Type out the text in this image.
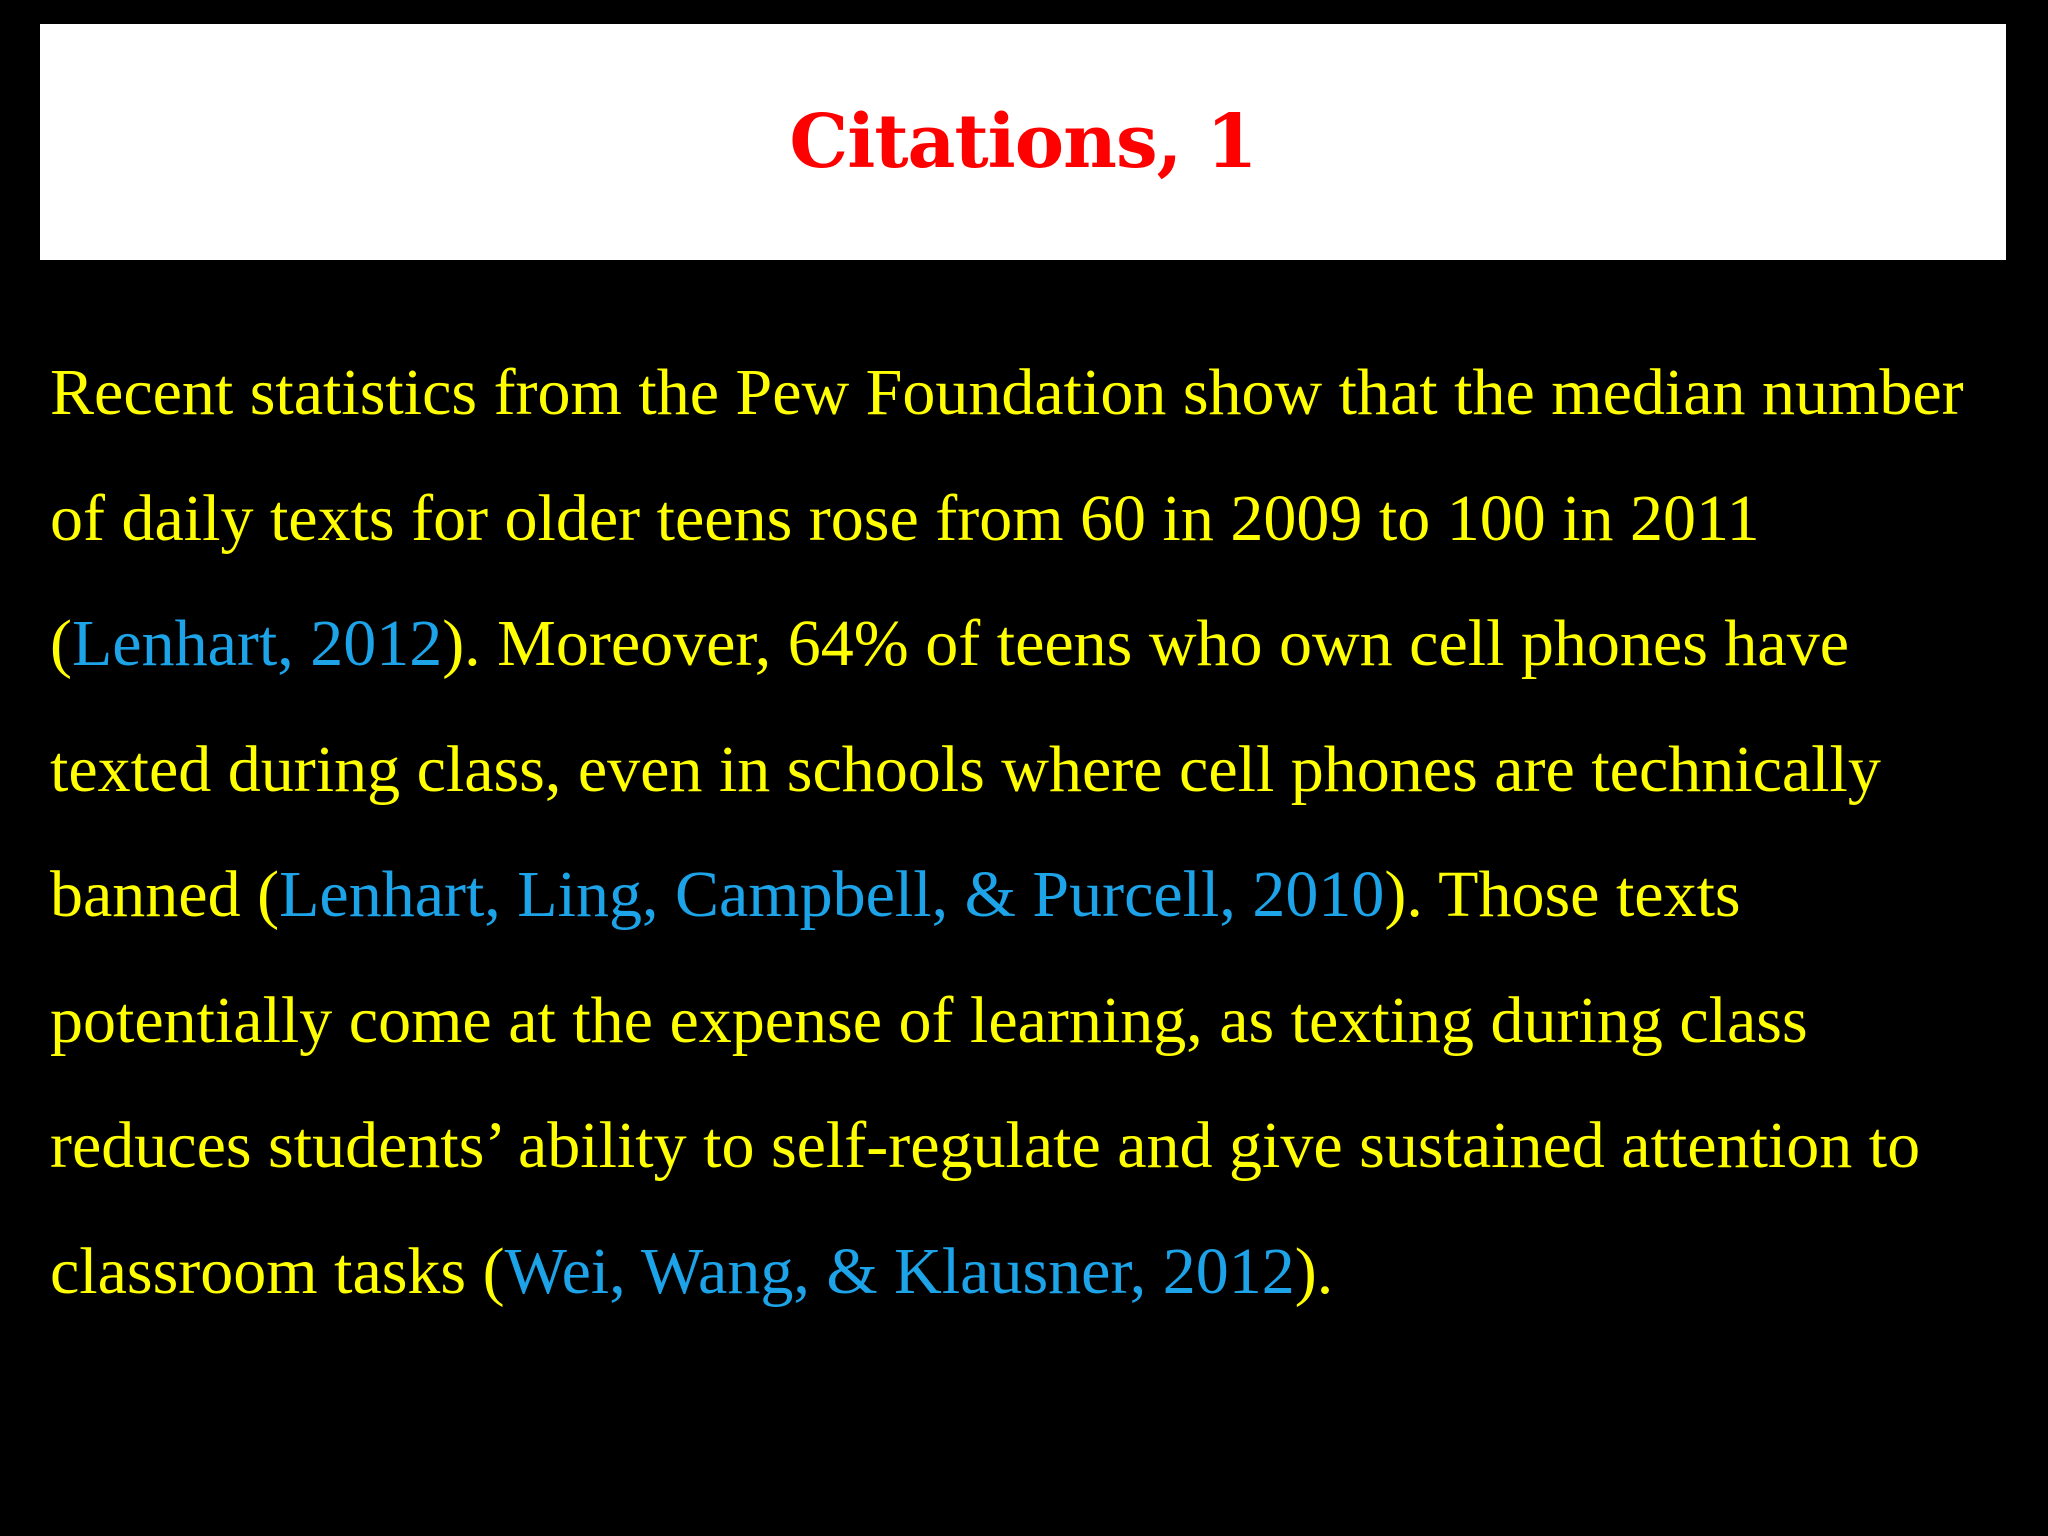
Citations, 1

Recent statistics from the Pew Foundation show that the median number of daily texts for older teens rose from 60 in 2009 to 100 in 2011 (Lenhart, 2012). Moreover, 64% of teens who own cell phones have texted during class, even in schools where cell phones are technically banned (Lenhart, Ling, Campbell, & Purcell, 2010). Those texts potentially come at the expense of learning, as texting during class reduces students’ ability to self-regulate and give sustained attention to classroom tasks (Wei, Wang, & Klausner, 2012).
